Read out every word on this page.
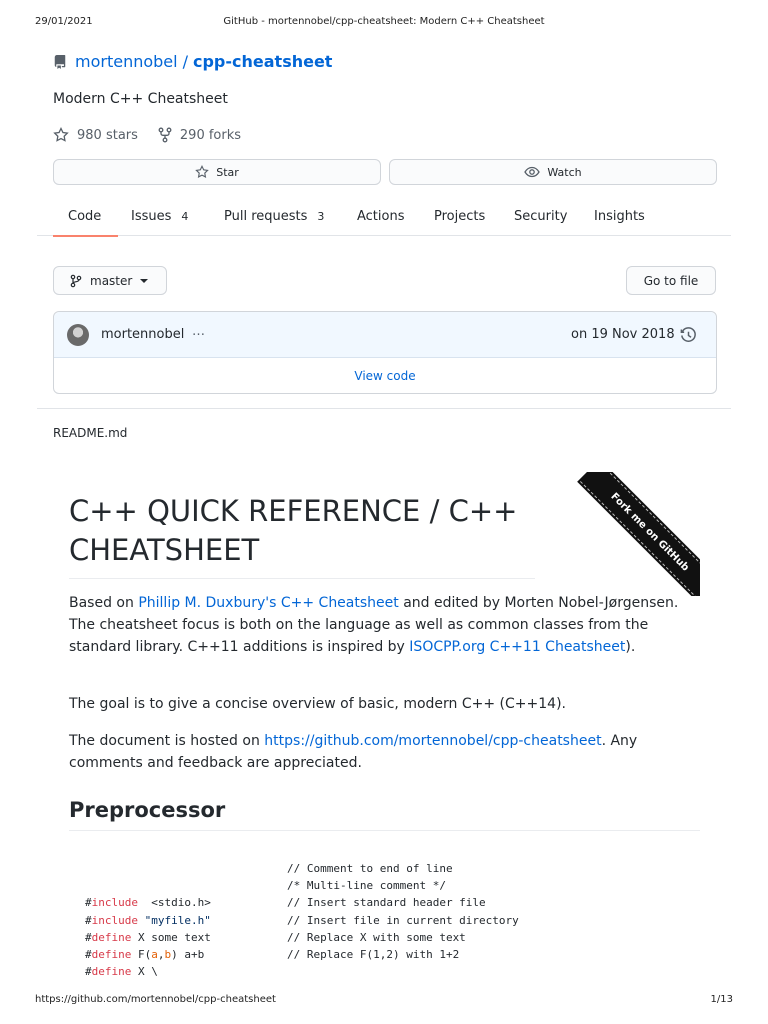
29/01/2021	GitHub - mortennobel/cpp-cheatsheet: Modern C++ Cheatsheet
mortennobel / cpp-cheatsheet
Modern C++ Cheatsheet
980 stars	290 forks
Star	Watch
Code Issues 4	Pull requests 3	Actions Projects Security Insights
master	Go to file
mortennobel …	on 19 Nov 2018
View code
README.md
Fork me on GitHub
C++ QUICK REFERENCE / C++
CHEATSHEET

Based on Phillip M. Duxbury's C++ Cheatsheet and edited by Morten Nobel-Jørgensen. The cheatsheet focus is both on the language as well as common classes from the standard library. C++11 additions is inspired by ISOCPP.org C++11 Cheatsheet).

The goal is to give a concise overview of basic, modern C++ (C++14).

The document is hosted on https://github.com/mortennobel/cpp-cheatsheet. Any comments and feedback are appreciated.

Preprocessor
// Comment to end of line
/* Multi-line comment */
#include  <stdio.h>	// Insert standard header file
#include "myfile.h"	// Insert file in current directory
#define X some text	// Replace X with some text
#define F(a,b) a+b	// Replace F(1,2) with 1+2
#define X \
https://github.com/mortennobel/cpp-cheatsheet	1/13
